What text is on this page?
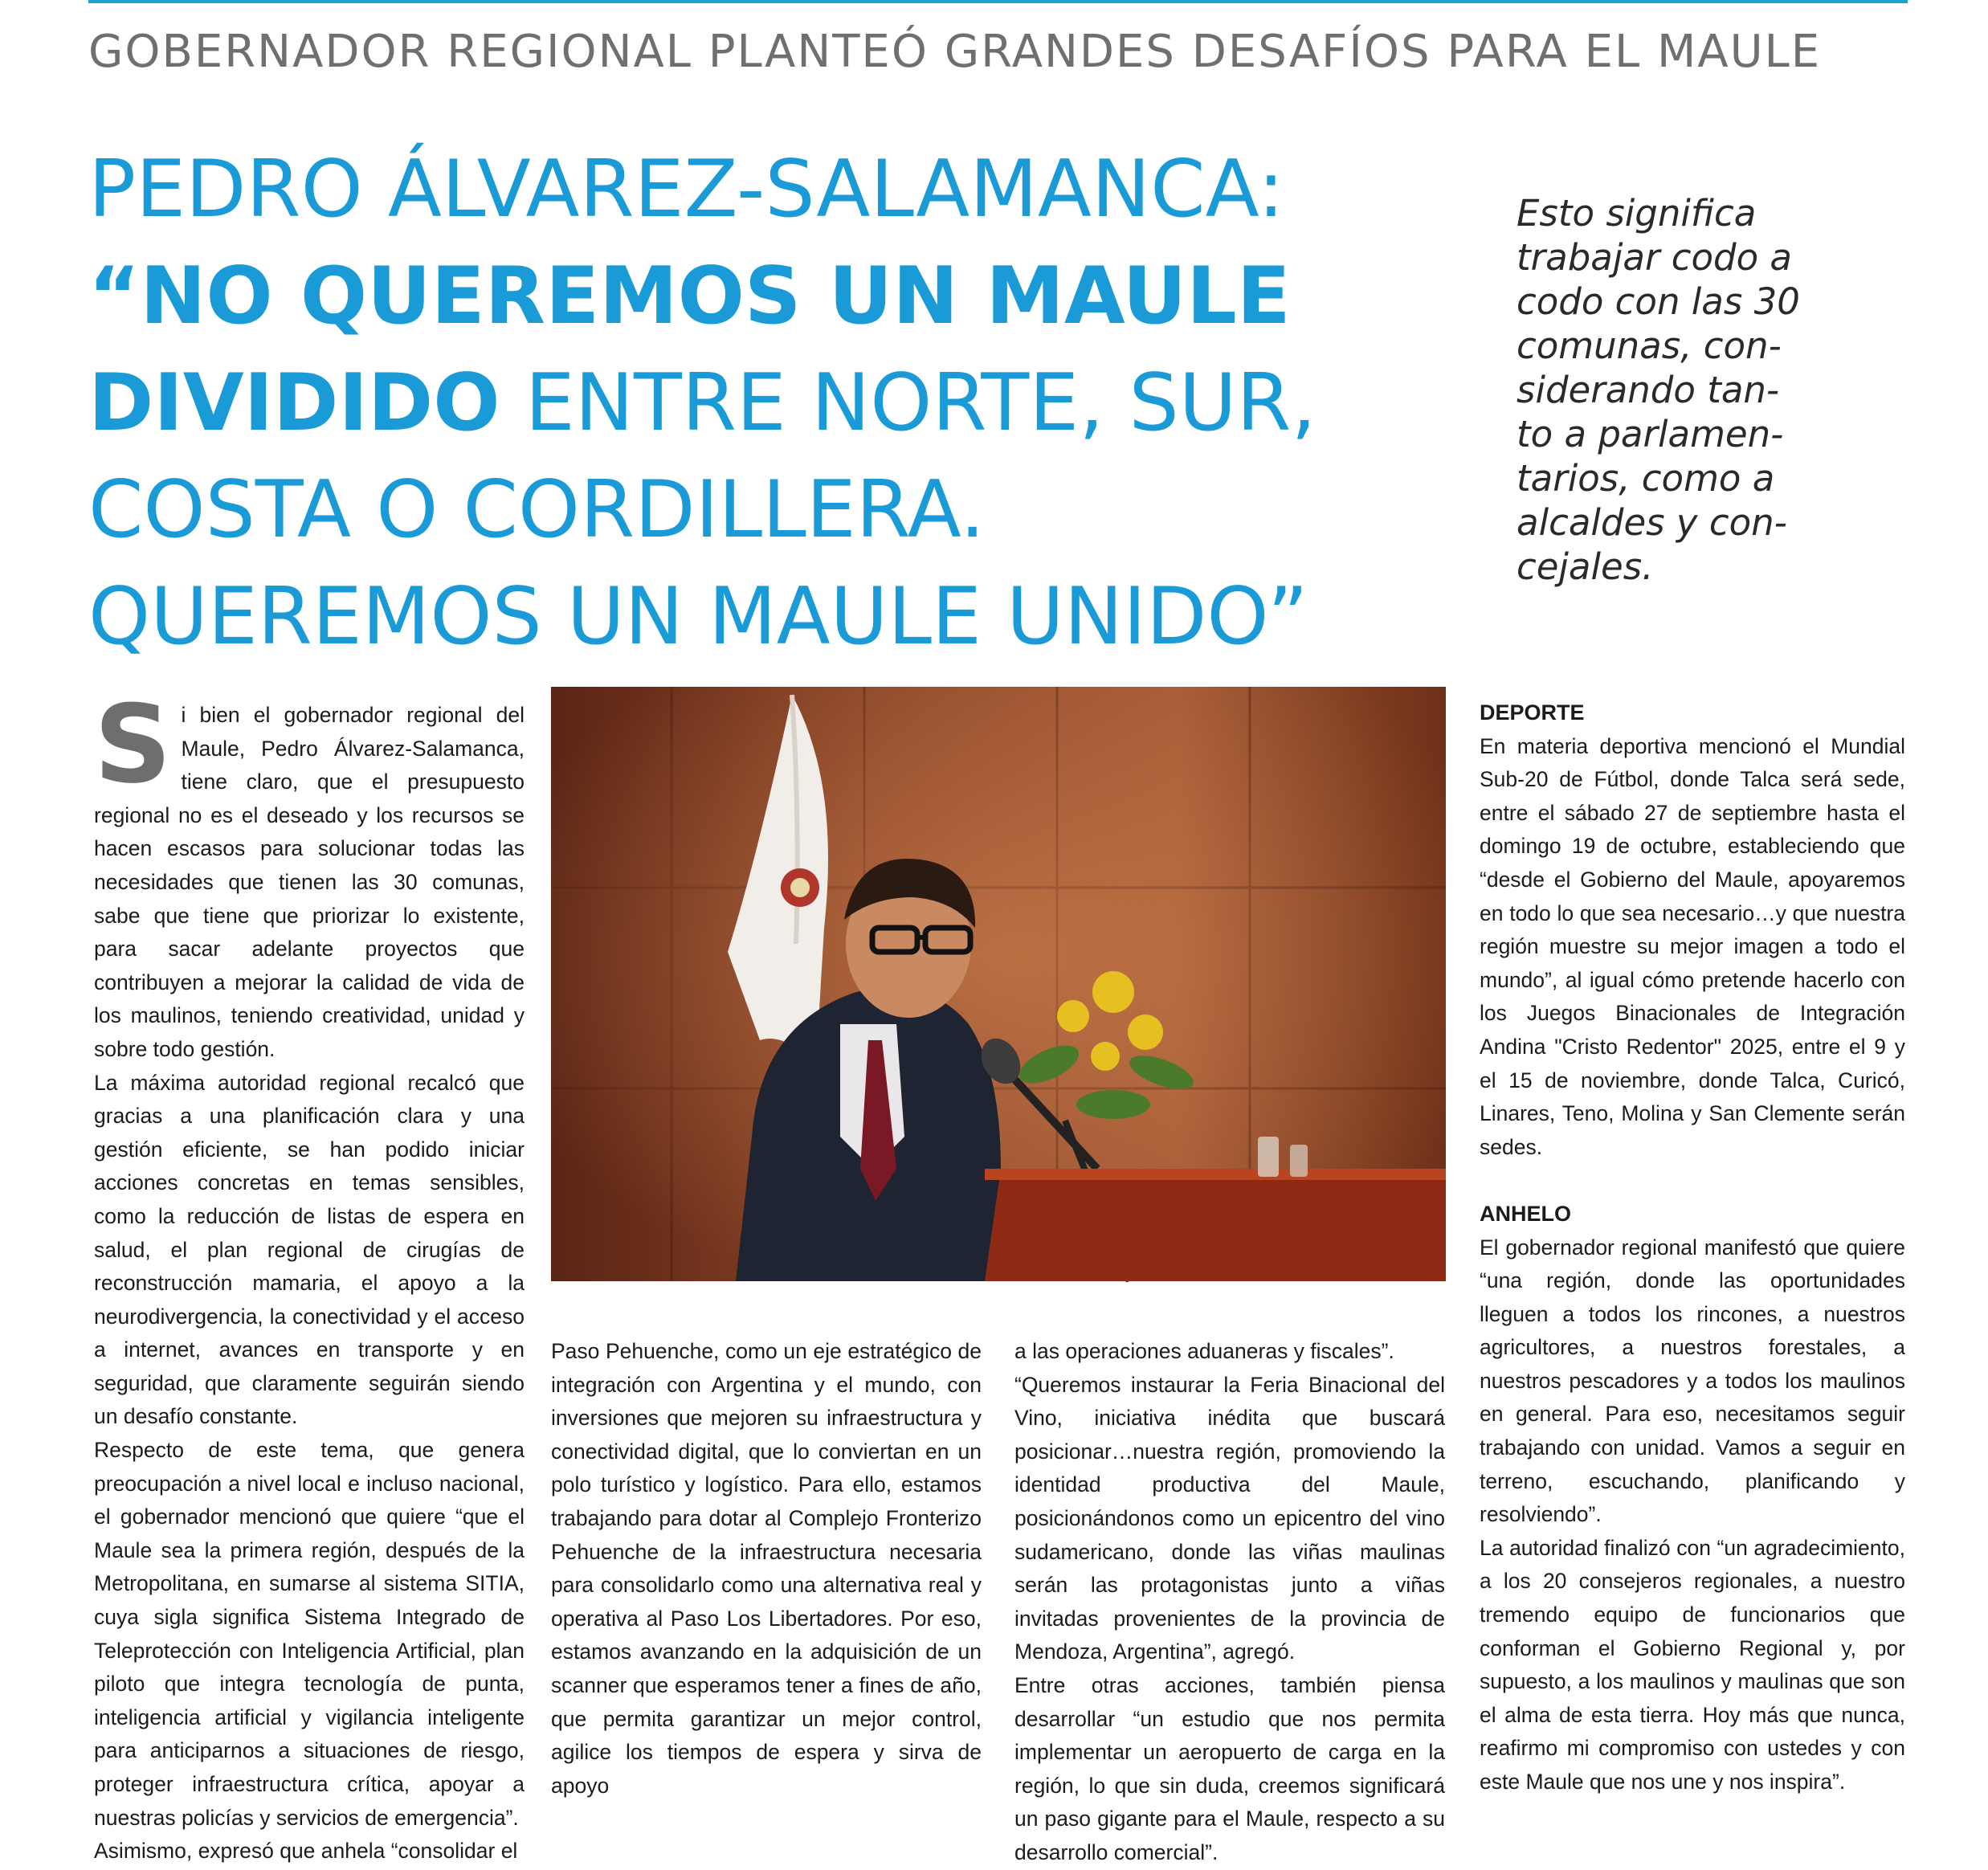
GOBERNADOR REGIONAL PLANTEÓ GRANDES DESAFÍOS PARA EL MAULE
PEDRO ÁLVAREZ-SALAMANCA:
“NO QUEREMOS UN MAULE
DIVIDIDO ENTRE NORTE, SUR,
COSTA O CORDILLERA.
QUEREMOS UN MAULE UNIDO”
Esto significa
trabajar codo a
codo con las 30
comunas, con-
siderando tan-
to a parlamen-
tarios, como a
alcaldes y con-
cejales.
S i bien el gobernador regional del Maule, Pedro Álvarez-Salamanca, tiene claro, que el presupuesto regional no es el deseado y los recursos se hacen escasos para solucionar todas las necesidades que tienen las 30 comunas, sabe que tiene que priorizar lo existente, para sacar adelante proyectos que contribuyen a mejorar la calidad de vida de los maulinos, teniendo creatividad, unidad y sobre todo gestión.

La máxima autoridad regional recalcó que gracias a una planificación clara y una gestión eficiente, se han podido iniciar acciones concretas en temas sensibles, como la reducción de listas de espera en salud, el plan regional de cirugías de reconstrucción mamaria, el apoyo a la neurodivergencia, la conectividad y el acceso a internet, avances en transporte y en seguridad, que claramente seguirán siendo un desafío constante.

Respecto de este tema, que genera preocupación a nivel local e incluso nacional, el gobernador mencionó que quiere “que el Maule sea la primera región, después de la Metropolitana, en sumarse al sistema SITIA, cuya sigla significa Sistema Integrado de Teleprotección con Inteligencia Artificial, plan piloto que integra tecnología de punta, inteligencia artificial y vigilancia inteligente para anticiparnos a situaciones de riesgo, proteger infraestructura crítica, apoyar a nuestras policías y servicios de emergencia”.

Asimismo, expresó que anhela “consolidar el

Paso Pehuenche, como un eje estratégico de integración con Argentina y el mundo, con inversiones que mejoren su infraestructura y conectividad digital, que lo conviertan en un polo turístico y logístico. Para ello, estamos trabajando para dotar al Complejo Fronterizo Pehuenche de la infraestructura necesaria para consolidarlo como una alternativa real y operativa al Paso Los Libertadores. Por eso, estamos avanzando en la adquisición de un scanner que esperamos tener a fines de año, que permita garantizar un mejor control, agilice los tiempos de espera y sirva de apoyo

a las operaciones aduaneras y fiscales”.

“Queremos instaurar la Feria Binacional del Vino, iniciativa inédita que buscará posicionar…nuestra región, promoviendo la identidad productiva del Maule, posicionándonos como un epicentro del vino sudamericano, donde las viñas maulinas serán las protagonistas junto a viñas invitadas provenientes de la provincia de Mendoza, Argentina”, agregó.

Entre otras acciones, también piensa desarrollar “un estudio que nos permita implementar un aeropuerto de carga en la región, lo que sin duda, creemos significará un paso gigante para el Maule, respecto a su desarrollo comercial”.

DEPORTE

En materia deportiva mencionó el Mundial Sub-20 de Fútbol, donde Talca será sede, entre el sábado 27 de septiembre hasta el domingo 19 de octubre, estableciendo que “desde el Gobierno del Maule, apoyaremos en todo lo que sea necesario…y que nuestra región muestre su mejor imagen a todo el mundo”, al igual cómo pretende hacerlo con los Juegos Binacionales de Integración Andina "Cristo Redentor" 2025, entre el 9 y el 15 de noviembre, donde Talca, Curicó, Linares, Teno, Molina y San Clemente serán sedes.

ANHELO

El gobernador regional manifestó que quiere “una región, donde las oportunidades lleguen a todos los rincones, a nuestros agricultores, a nuestros forestales, a nuestros pescadores y a todos los maulinos en general. Para eso, necesitamos seguir trabajando con unidad. Vamos a seguir en terreno, escuchando, planificando y resolviendo”.

La autoridad finalizó con “un agradecimiento, a los 20 consejeros regionales, a nuestro tremendo equipo de funcionarios que conforman el Gobierno Regional y, por supuesto, a los maulinos y maulinas que son el alma de esta tierra. Hoy más que nunca, reafirmo mi compromiso con ustedes y con este Maule que nos une y nos inspira”.
